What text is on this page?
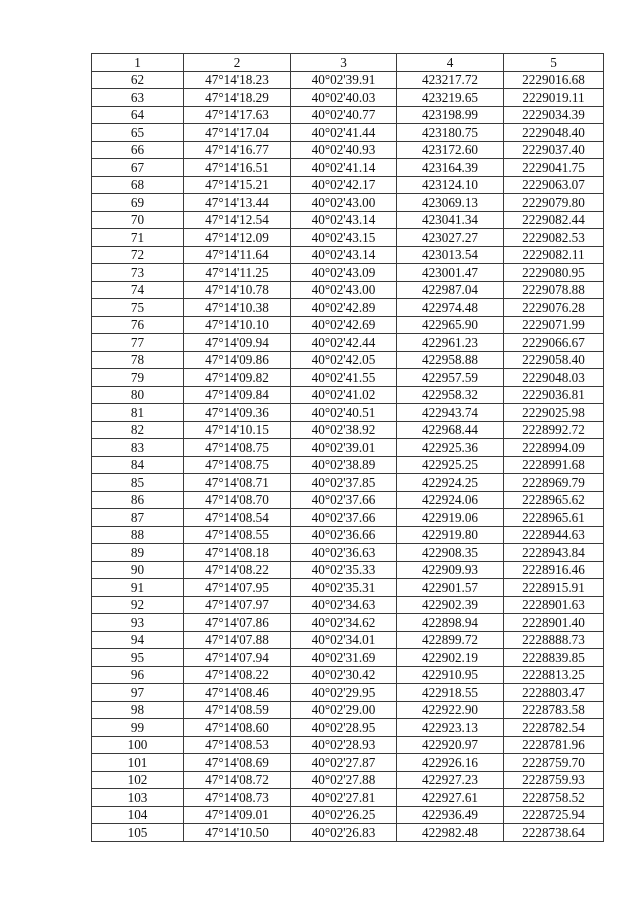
1	2	3	4	5
62	47°14'18.23	40°02'39.91	423217.72	2229016.68
63	47°14'18.29	40°02'40.03	423219.65	2229019.11
64	47°14'17.63	40°02'40.77	423198.99	2229034.39
65	47°14'17.04	40°02'41.44	423180.75	2229048.40
66	47°14'16.77	40°02'40.93	423172.60	2229037.40
67	47°14'16.51	40°02'41.14	423164.39	2229041.75
68	47°14'15.21	40°02'42.17	423124.10	2229063.07
69	47°14'13.44	40°02'43.00	423069.13	2229079.80
70	47°14'12.54	40°02'43.14	423041.34	2229082.44
71	47°14'12.09	40°02'43.15	423027.27	2229082.53
72	47°14'11.64	40°02'43.14	423013.54	2229082.11
73	47°14'11.25	40°02'43.09	423001.47	2229080.95
74	47°14'10.78	40°02'43.00	422987.04	2229078.88
75	47°14'10.38	40°02'42.89	422974.48	2229076.28
76	47°14'10.10	40°02'42.69	422965.90	2229071.99
77	47°14'09.94	40°02'42.44	422961.23	2229066.67
78	47°14'09.86	40°02'42.05	422958.88	2229058.40
79	47°14'09.82	40°02'41.55	422957.59	2229048.03
80	47°14'09.84	40°02'41.02	422958.32	2229036.81
81	47°14'09.36	40°02'40.51	422943.74	2229025.98
82	47°14'10.15	40°02'38.92	422968.44	2228992.72
83	47°14'08.75	40°02'39.01	422925.36	2228994.09
84	47°14'08.75	40°02'38.89	422925.25	2228991.68
85	47°14'08.71	40°02'37.85	422924.25	2228969.79
86	47°14'08.70	40°02'37.66	422924.06	2228965.62
87	47°14'08.54	40°02'37.66	422919.06	2228965.61
88	47°14'08.55	40°02'36.66	422919.80	2228944.63
89	47°14'08.18	40°02'36.63	422908.35	2228943.84
90	47°14'08.22	40°02'35.33	422909.93	2228916.46
91	47°14'07.95	40°02'35.31	422901.57	2228915.91
92	47°14'07.97	40°02'34.63	422902.39	2228901.63
93	47°14'07.86	40°02'34.62	422898.94	2228901.40
94	47°14'07.88	40°02'34.01	422899.72	2228888.73
95	47°14'07.94	40°02'31.69	422902.19	2228839.85
96	47°14'08.22	40°02'30.42	422910.95	2228813.25
97	47°14'08.46	40°02'29.95	422918.55	2228803.47
98	47°14'08.59	40°02'29.00	422922.90	2228783.58
99	47°14'08.60	40°02'28.95	422923.13	2228782.54
100	47°14'08.53	40°02'28.93	422920.97	2228781.96
101	47°14'08.69	40°02'27.87	422926.16	2228759.70
102	47°14'08.72	40°02'27.88	422927.23	2228759.93
103	47°14'08.73	40°02'27.81	422927.61	2228758.52
104	47°14'09.01	40°02'26.25	422936.49	2228725.94
105	47°14'10.50	40°02'26.83	422982.48	2228738.64
